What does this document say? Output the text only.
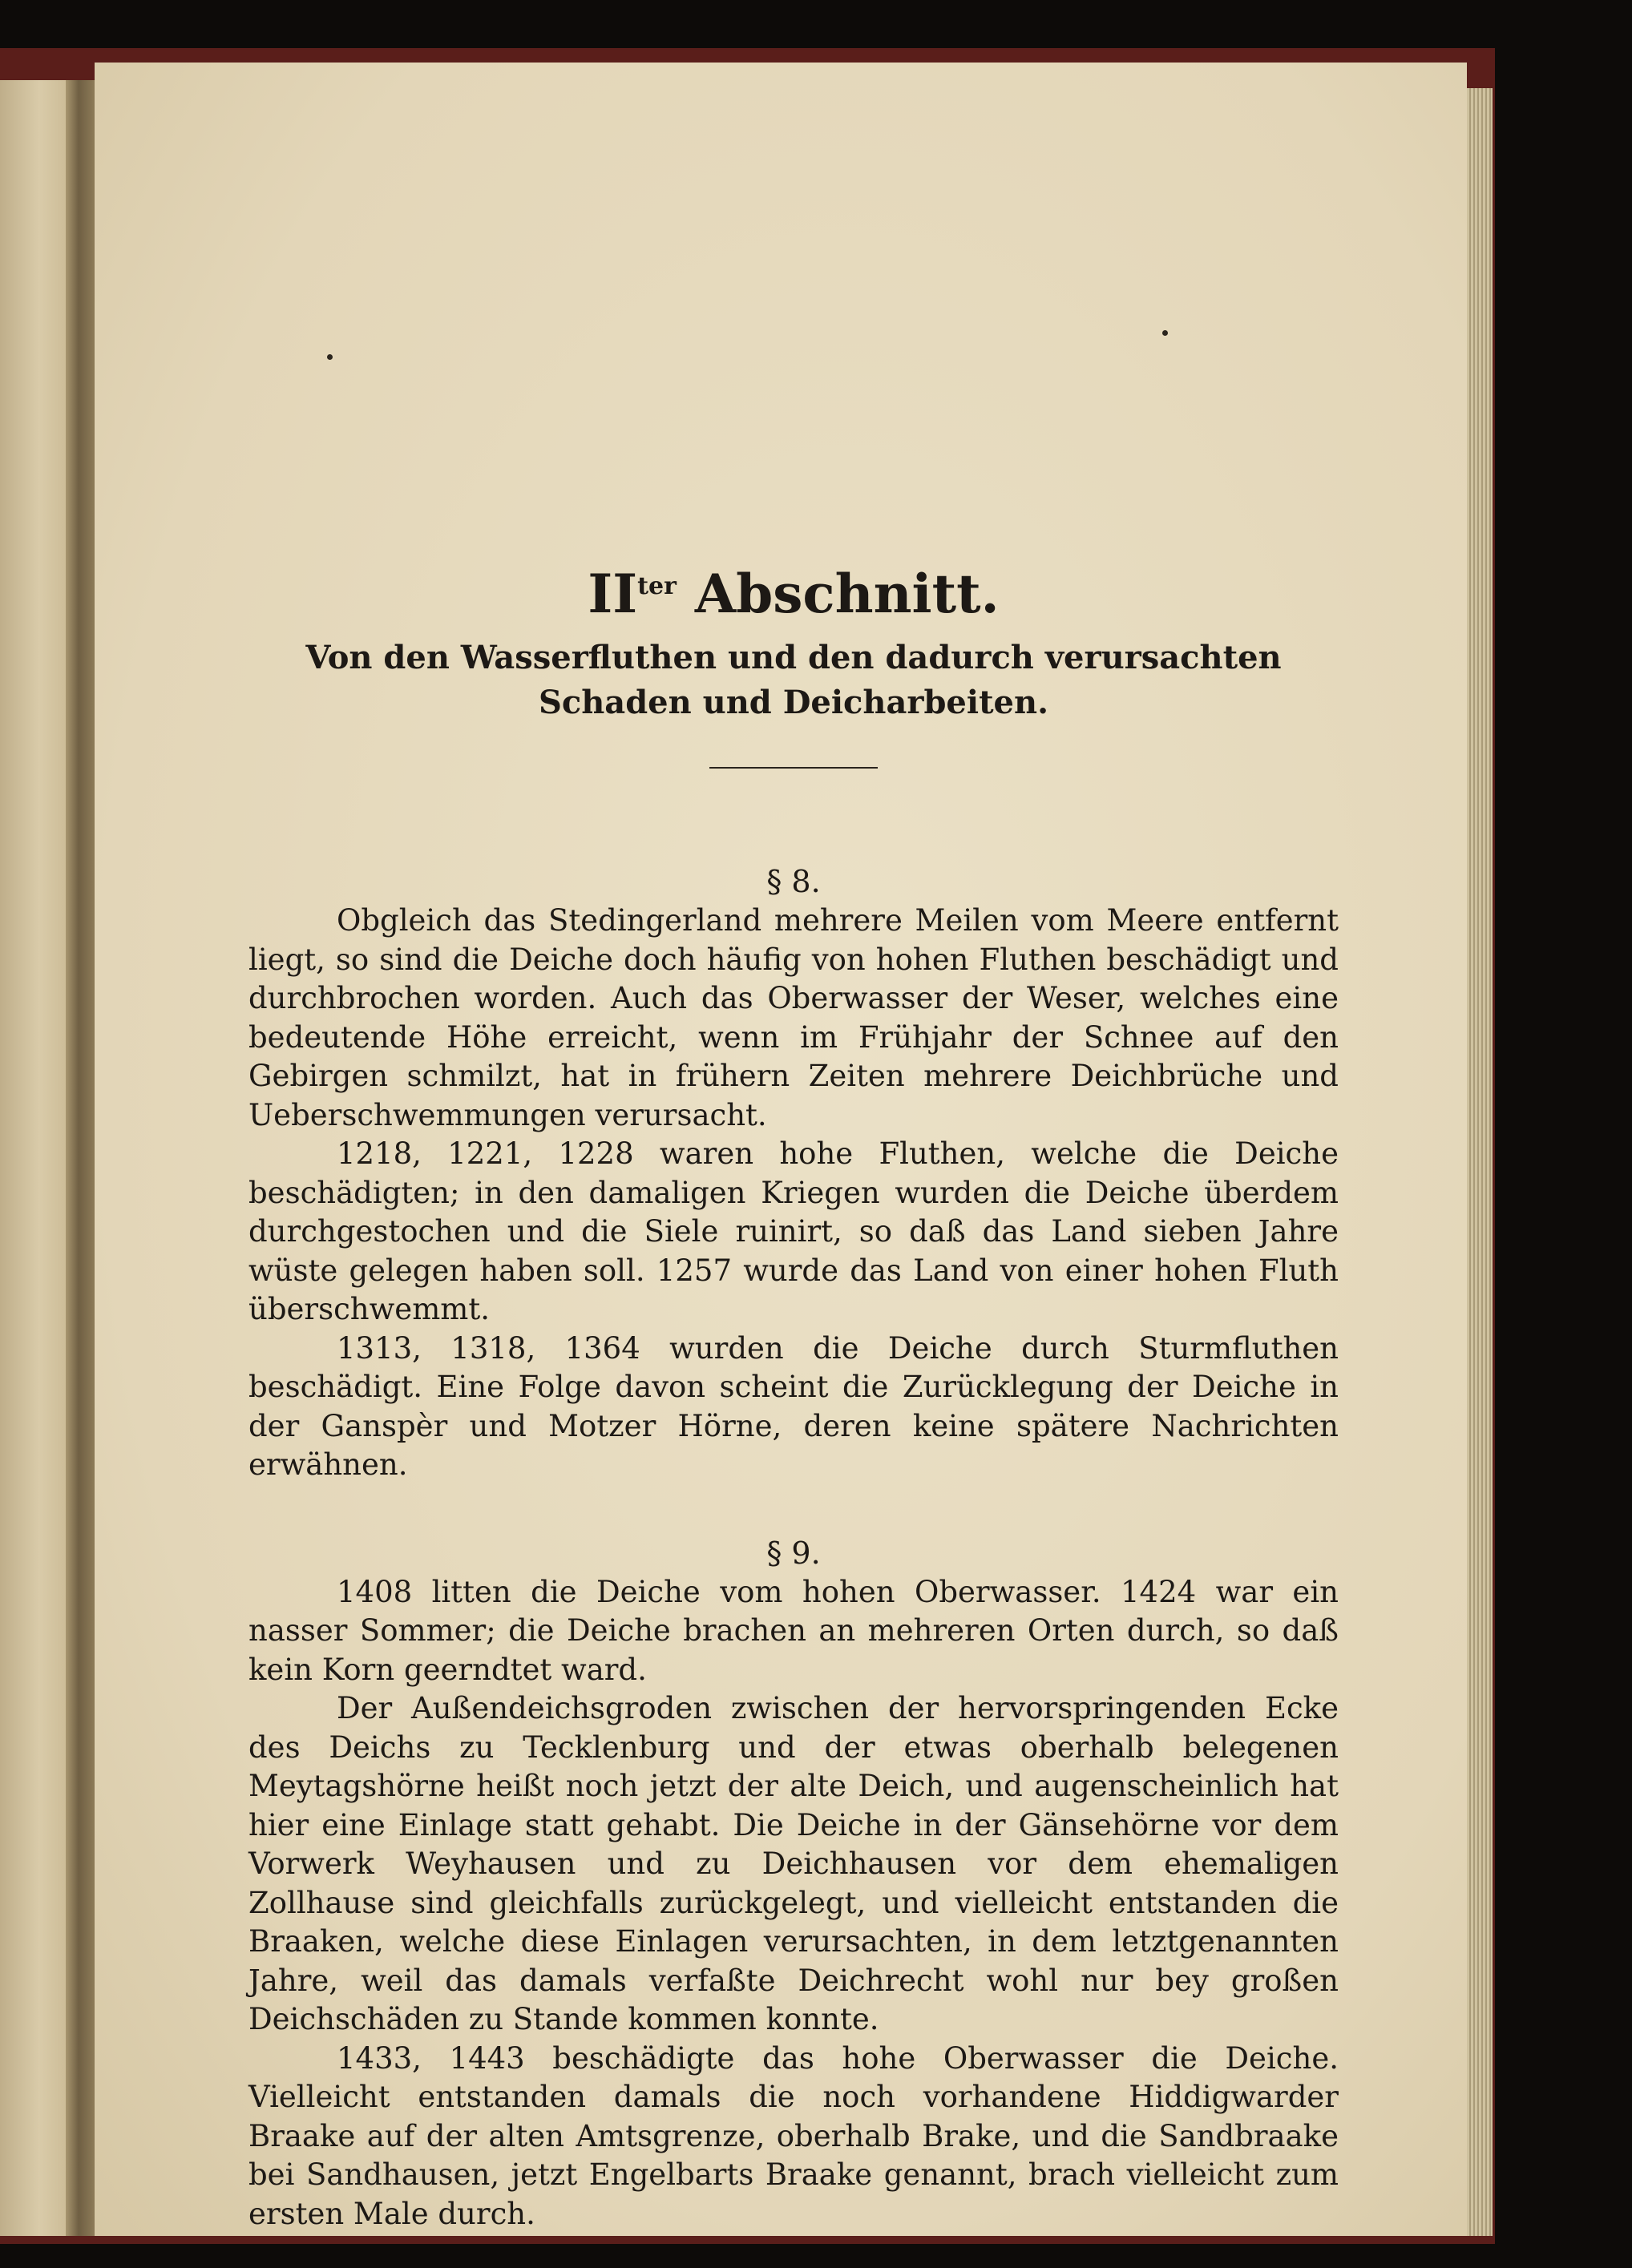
$II^{ter}$ Abschnitt.

Von den Wasserfluthen und den dadurch verursachten Schaden und Deicharbeiten.

§ 8.

Obgleich das Stedingerland mehrere Meilen vom Meere entfernt liegt, so sind die Deiche doch häufig von hohen Fluthen beschädigt und durchbrochen worden. Auch das Oberwasser der Weser, welches eine bedeutende Höhe erreicht, wenn im Frühjahr der Schnee auf den Gebirgen schmilzt, hat in frühern Zeiten mehrere Deichbrüche und Ueberschwemmungen verursacht.

1218, 1221, 1228 waren hohe Fluthen, welche die Deiche beschädigten; in den damaligen Kriegen wurden die Deiche überdem durchgestochen und die Siele ruinirt, so daß das Land sieben Jahre wüste gelegen haben soll. 1257 wurde das Land von einer hohen Fluth überschwemmt.

1313, 1318, 1364 wurden die Deiche durch Sturmfluthen beschädigt. Eine Folge davon scheint die Zurücklegung der Deiche in der Ganspèr und Motzer Hörne, deren keine spätere Nachrichten erwähnen.

§ 9.

1408 litten die Deiche vom hohen Oberwasser. 1424 war ein nasser Sommer; die Deiche brachen an mehreren Orten durch, so daß kein Korn geerndtet ward.

Der Außendeichsgroden zwischen der hervorspringenden Ecke des Deichs zu Tecklenburg und der etwas oberhalb belegenen Meytagshörne heißt noch jetzt der alte Deich, und augenscheinlich hat hier eine Einlage statt gehabt. Die Deiche in der Gänsehörne vor dem Vorwerk Weyhausen und zu Deichhausen vor dem ehemaligen Zollhause sind gleichfalls zurückgelegt, und vielleicht entstanden die Braaken, welche diese Einlagen verursachten, in dem letztgenannten Jahre, weil das damals verfaßte Deichrecht wohl nur bey großen Deichschäden zu Stande kommen konnte.

1433, 1443 beschädigte das hohe Oberwasser die Deiche. Vielleicht entstanden damals die noch vorhandene Hiddigwarder Braake auf der alten Amtsgrenze, oberhalb Brake, und die Sandbraake bei Sandhausen, jetzt Engelbarts Braake genannt, brach vielleicht zum ersten Male durch.
